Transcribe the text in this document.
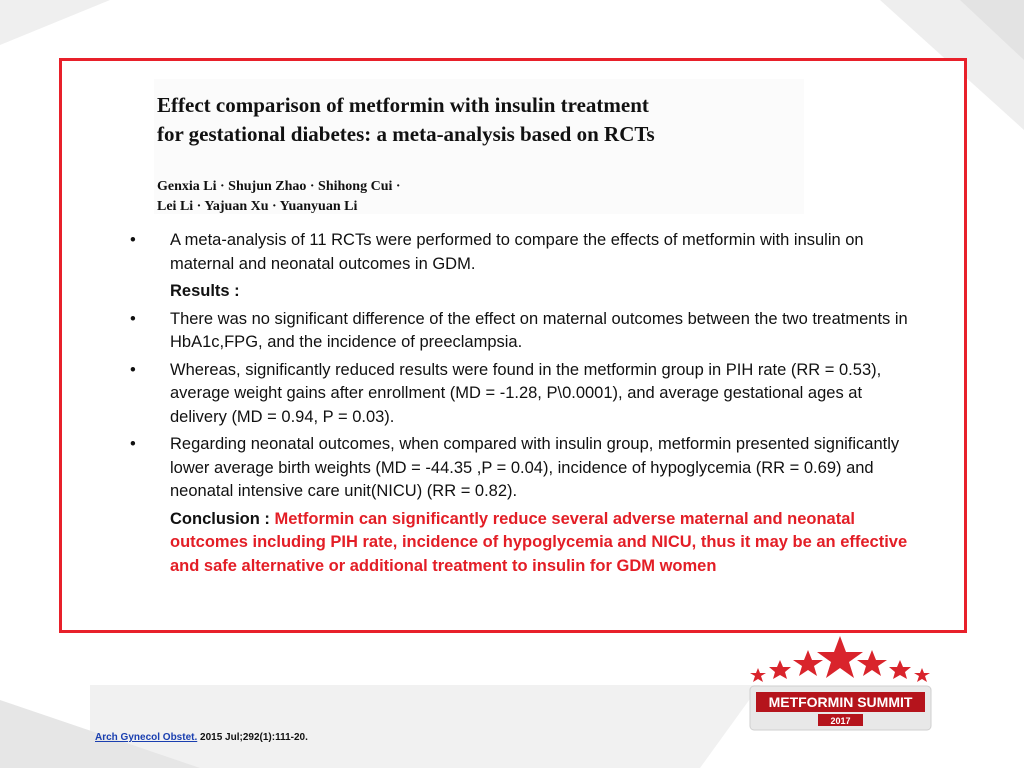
Effect comparison of metformin with insulin treatment
for gestational diabetes: a meta-analysis based on RCTs
Genxia Li · Shujun Zhao · Shihong Cui ·
Lei Li · Yajuan Xu · Yuanyuan Li
• A meta-analysis of 11 RCTs were performed to compare the effects of metformin with insulin on maternal and neonatal outcomes in GDM.
Results :
• There was no significant difference of the effect on maternal outcomes between the two treatments in HbA1c,FPG, and the incidence of preeclampsia.
• Whereas, significantly reduced results were found in the metformin group in PIH rate (RR = 0.53), average weight gains after enrollment (MD = -1.28, P\0.0001), and average gestational ages at delivery (MD = 0.94, P = 0.03).
• Regarding neonatal outcomes, when compared with insulin group, metformin presented significantly lower average birth weights (MD = -44.35 ,P = 0.04), incidence of hypoglycemia (RR = 0.69) and neonatal intensive care unit(NICU) (RR = 0.82).
Conclusion : Metformin can significantly reduce several adverse maternal and neonatal outcomes including PIH rate, incidence of hypoglycemia and NICU, thus it may be an effective and safe alternative or additional treatment to insulin for GDM women
Arch Gynecol Obstet. 2015 Jul;292(1):111-20.
METFORMIN SUMMIT
2017
